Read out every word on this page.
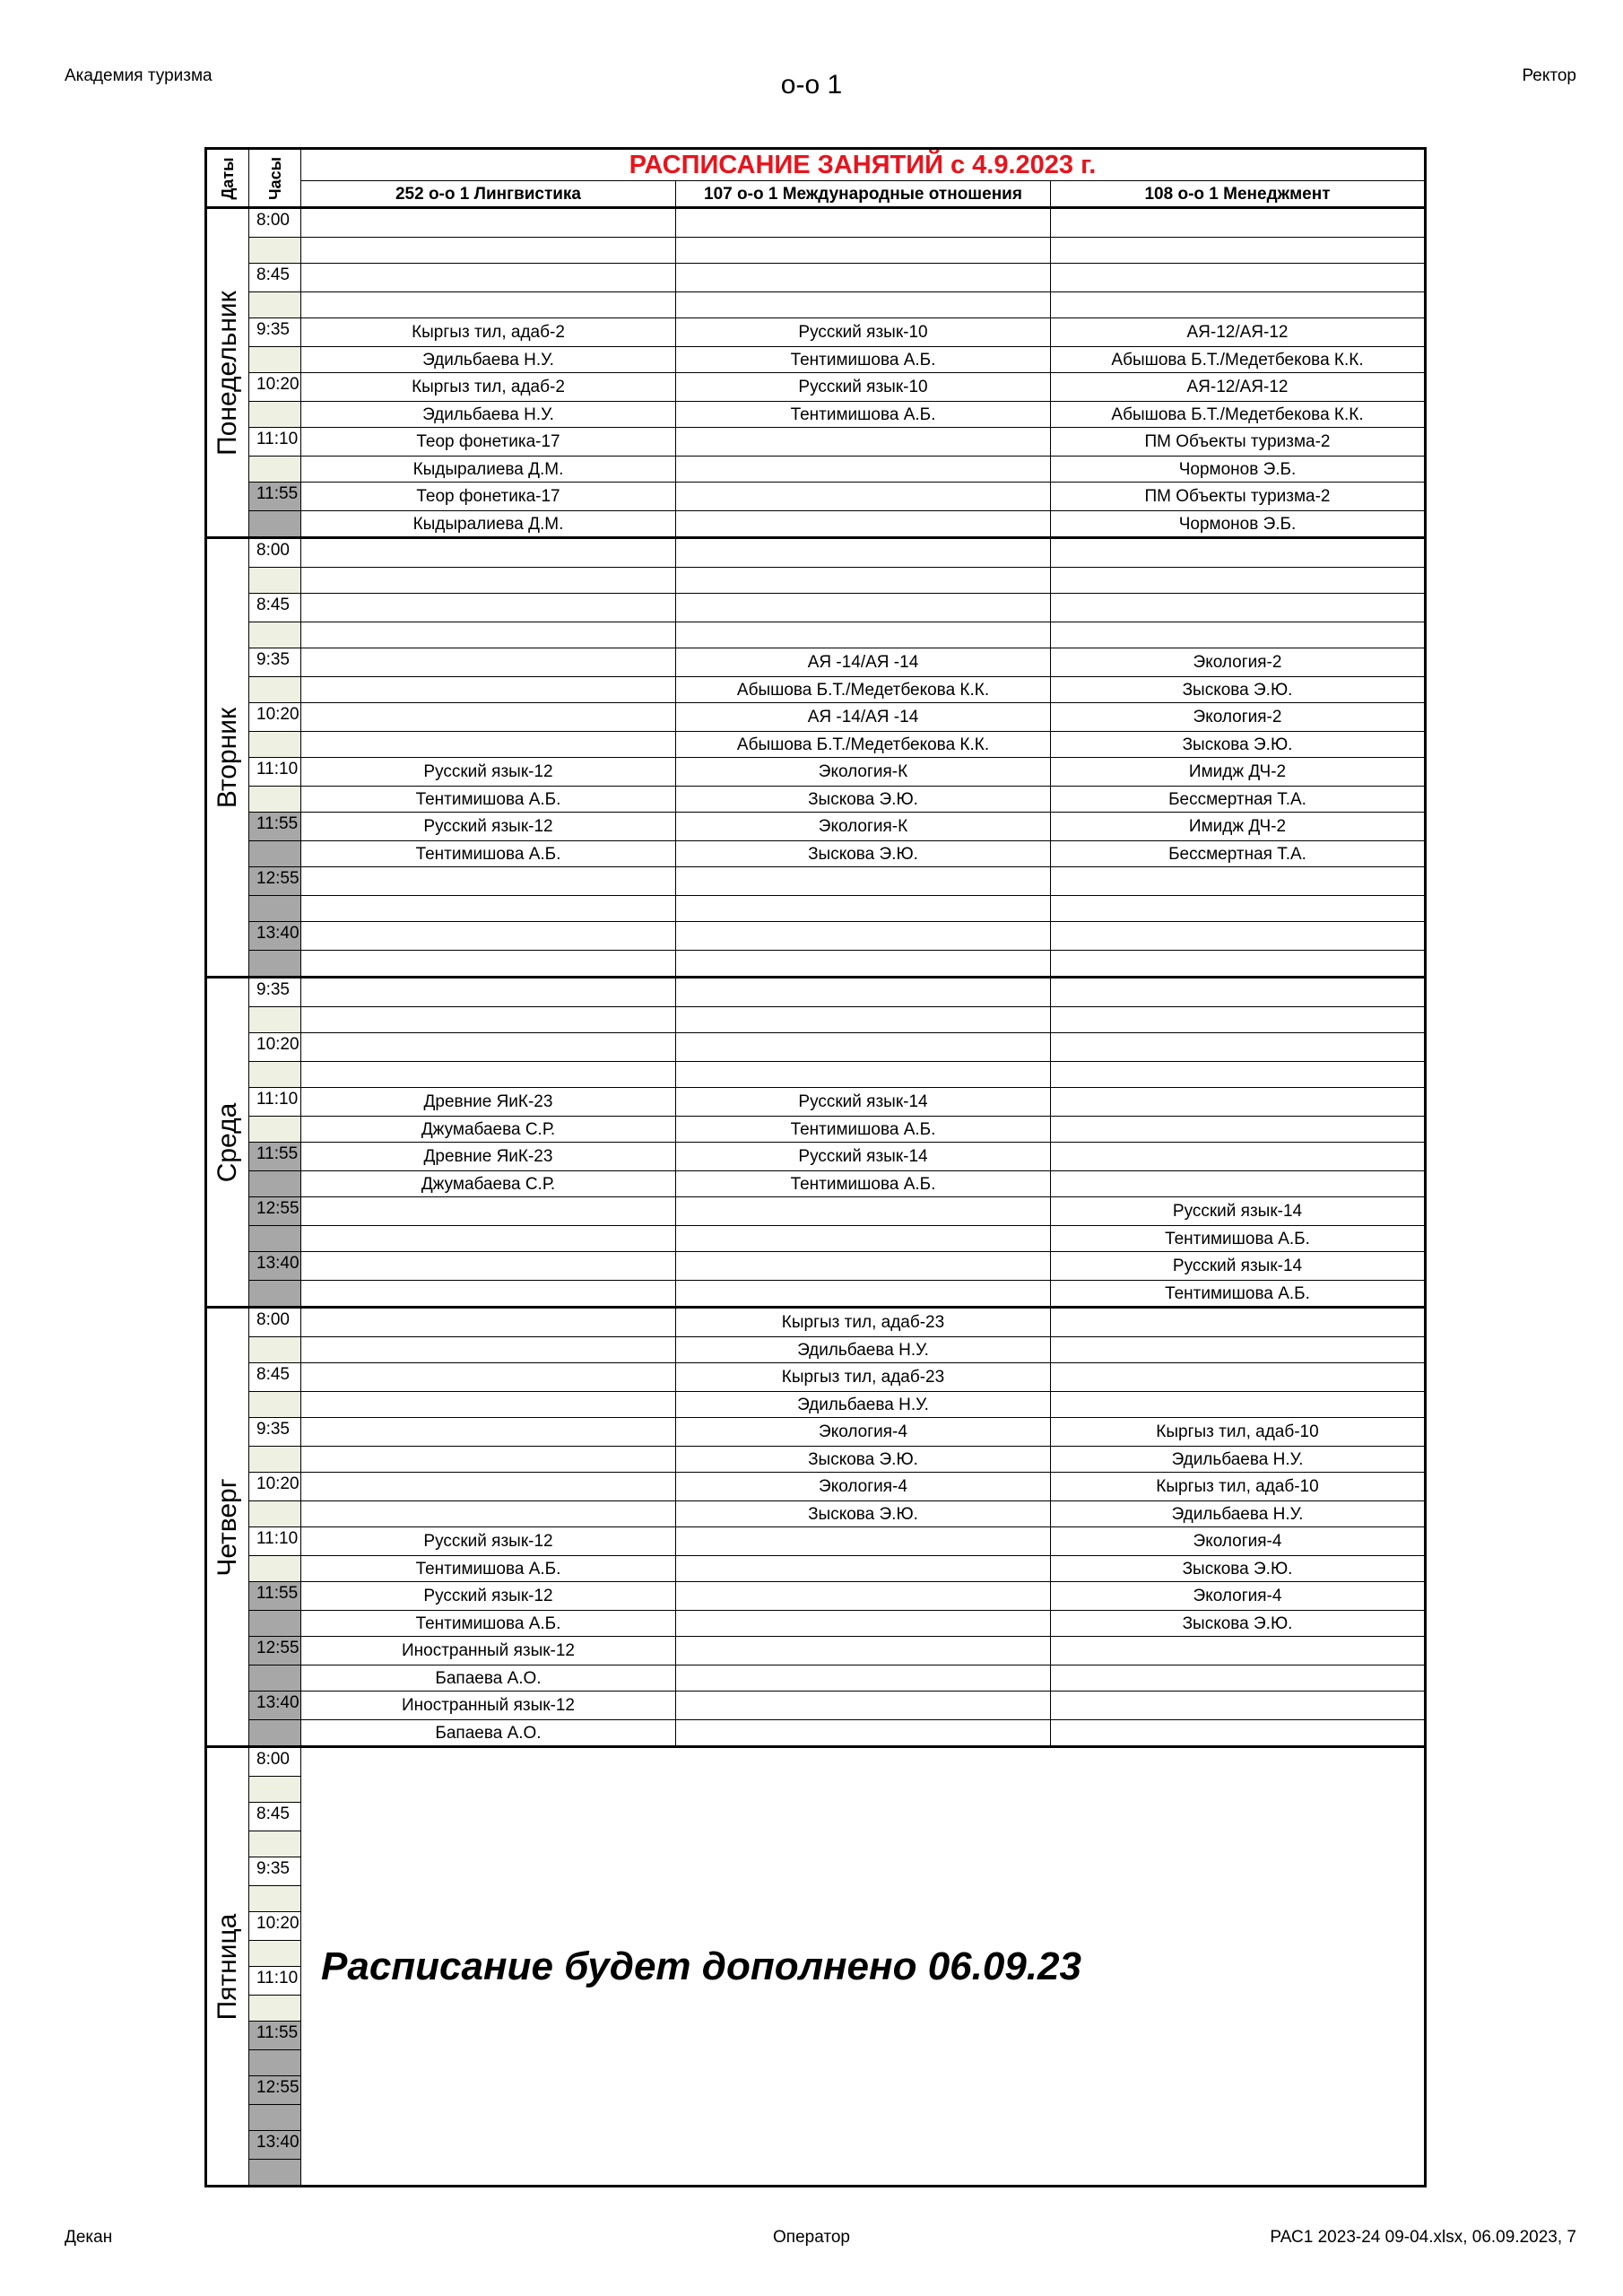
Академия туризма	о-о 1	Ректор
Даты	Часы	РАСПИСАНИЕ ЗАНЯТИЙ с 4.9.2023 г.		
		252 о-о 1 Лингвистика	107 о-о 1 Международные отношения	108 о-о 1 Менеджмент

Понедельник	8:00			

	8:45			

	9:35	Кыргыз тил, адаб-2	Русский язык-10	АЯ-12/АЯ-12
		Эдильбаева Н.У.	Тентимишова А.Б.	Абышова Б.Т./Медетбекова К.К.
	10:20	Кыргыз тил, адаб-2	Русский язык-10	АЯ-12/АЯ-12
		Эдильбаева Н.У.	Тентимишова А.Б.	Абышова Б.Т./Медетбекова К.К.
	11:10	Теор фонетика-17		ПМ Объекты туризма-2
		Кыдыралиева Д.М.		Чормонов Э.Б.
	11:55	Теор фонетика-17		ПМ Объекты туризма-2
		Кыдыралиева Д.М.		Чормонов Э.Б.

Вторник	8:00			

	8:45			

	9:35		АЯ -14/АЯ -14	Экология-2
			Абышова Б.Т./Медетбекова К.К.	Зыскова Э.Ю.
	10:20		АЯ -14/АЯ -14	Экология-2
			Абышова Б.Т./Медетбекова К.К.	Зыскова Э.Ю.
	11:10	Русский язык-12	Экология-К	Имидж ДЧ-2
		Тентимишова А.Б.	Зыскова Э.Ю.	Бессмертная Т.А.
	11:55	Русский язык-12	Экология-К	Имидж ДЧ-2
		Тентимишова А.Б.	Зыскова Э.Ю.	Бессмертная Т.А.
	12:55			

	13:40			

Среда	9:35			

	10:20			

	11:10	Древние ЯиК-23	Русский язык-14	
		Джумабаева С.Р.	Тентимишова А.Б.	
	11:55	Древние ЯиК-23	Русский язык-14	
		Джумабаева С.Р.	Тентимишова А.Б.	
	12:55			Русский язык-14
				Тентимишова А.Б.
	13:40			Русский язык-14
				Тентимишова А.Б.

Четверг	8:00		Кыргыз тил, адаб-23	
			Эдильбаева Н.У.	
	8:45		Кыргыз тил, адаб-23	
			Эдильбаева Н.У.	
	9:35		Экология-4	Кыргыз тил, адаб-10
			Зыскова Э.Ю.	Эдильбаева Н.У.
	10:20		Экология-4	Кыргыз тил, адаб-10
			Зыскова Э.Ю.	Эдильбаева Н.У.
	11:10	Русский язык-12		Экология-4
		Тентимишова А.Б.		Зыскова Э.Ю.
	11:55	Русский язык-12		Экология-4
		Тентимишова А.Б.		Зыскова Э.Ю.
	12:55	Иностранный язык-12		
		Бапаева А.О.		
	13:40	Иностранный язык-12		
		Бапаева А.О.		

Пятница	8:00	Расписание будет дополнено 06.09.23		

	8:45			

	9:35			

	10:20			

	11:10			

	11:55			

	12:55			

	13:40			

Декан	Оператор	РАС1 2023-24 09-04.xlsx, 06.09.2023, 7
